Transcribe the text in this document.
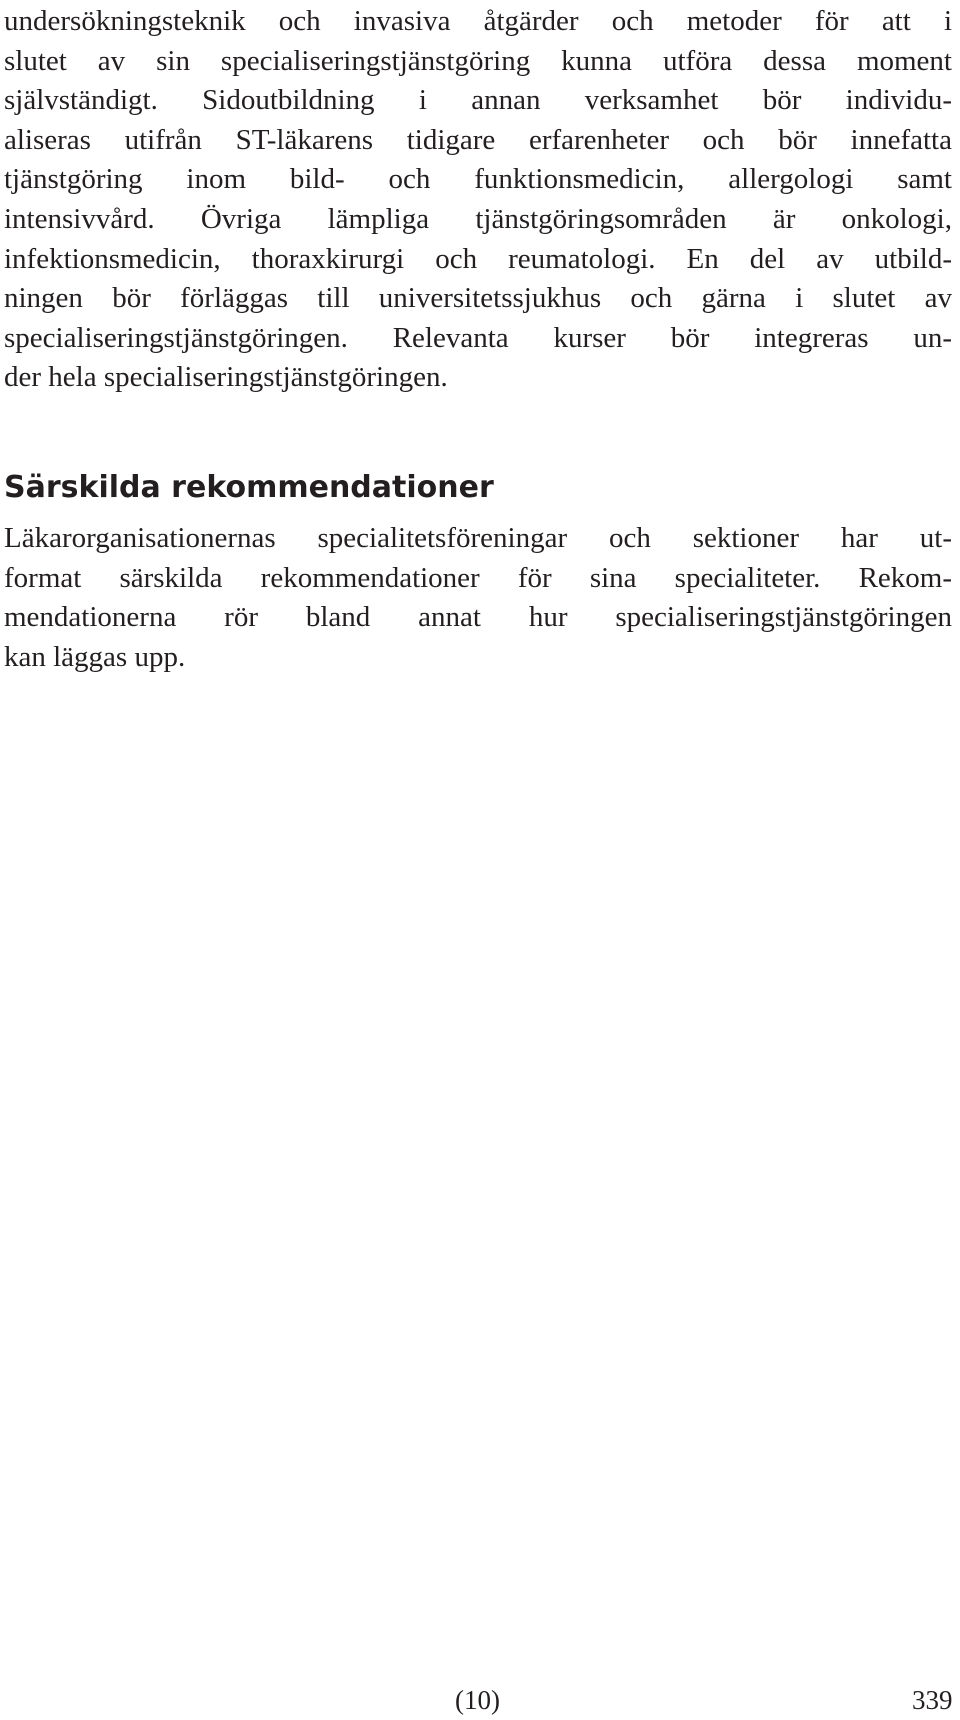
undersökningsteknik och invasiva åtgärder och metoder för att i
slutet av sin specialiseringstjänstgöring kunna utföra dessa moment
självständigt. Sidoutbildning i annan verksamhet bör individu-
aliseras utifrån ST-läkarens tidigare erfarenheter och bör innefatta
tjänstgöring inom bild- och funktionsmedicin, allergologi samt
intensivvård. Övriga lämpliga tjänstgöringsområden är onkologi,
infektionsmedicin, thoraxkirurgi och reumatologi. En del av utbild-
ningen bör förläggas till universitetssjukhus och gärna i slutet av
specialiseringstjänstgöringen. Relevanta kurser bör integreras un-
der hela specialiseringstjänstgöringen.

Särskilda rekommendationer

Läkarorganisationernas specialitetsföreningar och sektioner har ut-
format särskilda rekommendationer för sina specialiteter. Rekom-
mendationerna rör bland annat hur specialiseringstjänstgöringen
kan läggas upp.

(10)	339
